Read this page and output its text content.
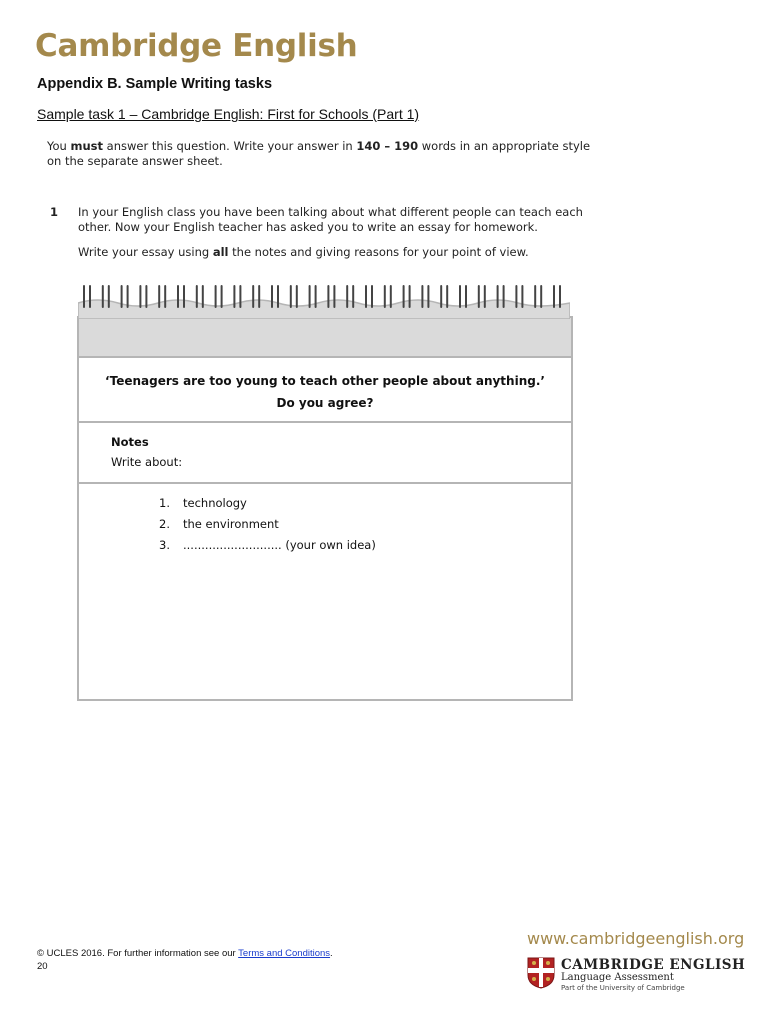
Cambridge English
Appendix B. Sample Writing tasks
Sample task 1 – Cambridge English: First for Schools (Part 1)
You must answer this question. Write your answer in 140 – 190 words in an appropriate style on the separate answer sheet.
1 In your English class you have been talking about what different people can teach each other. Now your English teacher has asked you to write an essay for homework.

Write your essay using all the notes and giving reasons for your point of view.

‘Teenagers are too young to teach other people about anything.’
Do you agree?
Notes
Write about:
1.	technology
2.	the environment
3.	........................... (your own idea)
© UCLES 2016. For further information see our Terms and Conditions.
20
www.cambridgeenglish.org
CAMBRIDGE ENGLISH
Language Assessment
Part of the University of Cambridge
